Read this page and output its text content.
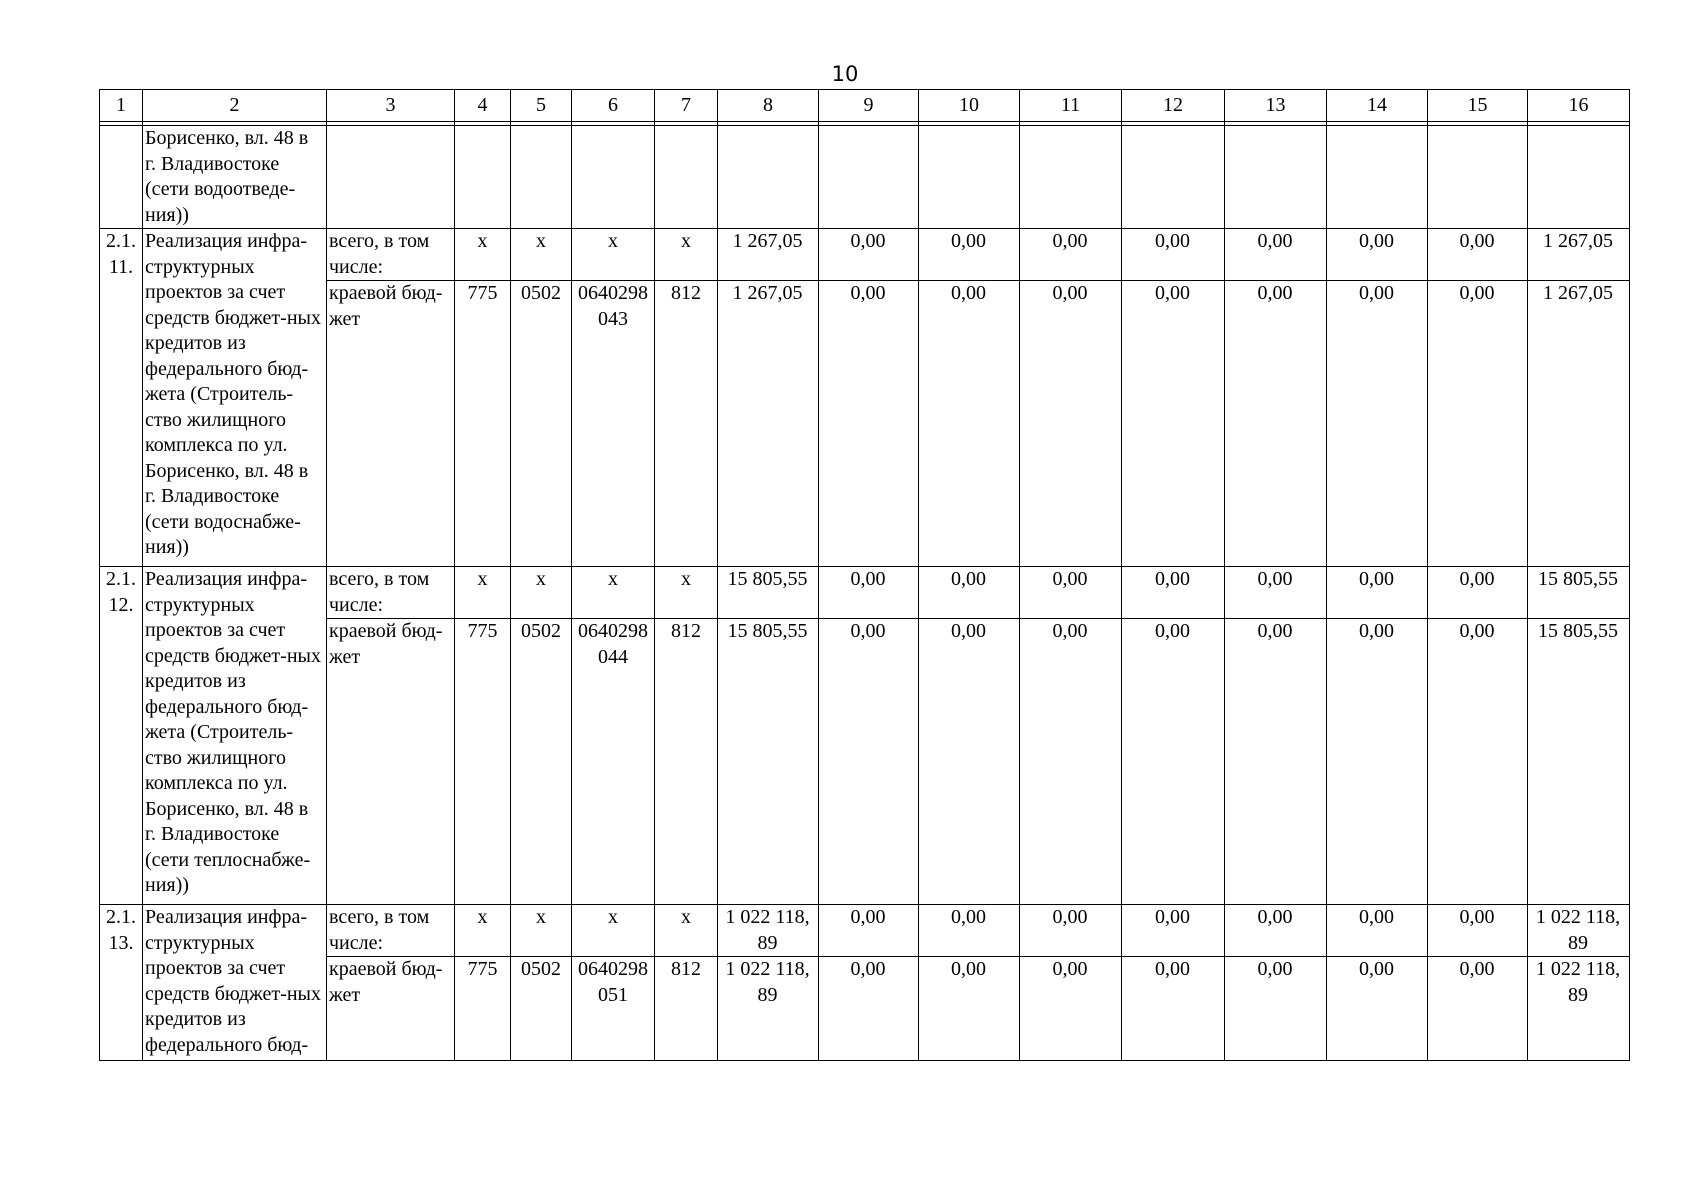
10
1	2	3	4	5	6	7	8	9	10	11	12	13	14	15	16

	Борисенко, вл. 48 в г. Владивостоке (сети водоотведе-ния))														
2.1. 11.	Реализация инфра-структурных проектов за счет средств бюджет-ных кредитов из федерального бюд-жета (Строитель-ство жилищного комплекса по ул. Борисенко, вл. 48 в г. Владивостоке (сети водоснабже-ния))	всего, в том числе:	x	x	x	x	1 267,05	0,00	0,00	0,00	0,00	0,00	0,00	0,00	1 267,05
		краевой бюд-жет	775	0502	0640298 043	812	1 267,05	0,00	0,00	0,00	0,00	0,00	0,00	0,00	1 267,05
2.1. 12.	Реализация инфра-структурных проектов за счет средств бюджет-ных кредитов из федерального бюд-жета (Строитель-ство жилищного комплекса по ул. Борисенко, вл. 48 в г. Владивостоке (сети теплоснабже-ния))	всего, в том числе:	x	x	x	x	15 805,55	0,00	0,00	0,00	0,00	0,00	0,00	0,00	15 805,55
		краевой бюд-жет	775	0502	0640298 044	812	15 805,55	0,00	0,00	0,00	0,00	0,00	0,00	0,00	15 805,55
2.1. 13.	Реализация инфра-структурных проектов за счет средств бюджет-ных кредитов из федерального бюд-	всего, в том числе:	x	x	x	x	1 022 118, 89	0,00	0,00	0,00	0,00	0,00	0,00	0,00	1 022 118, 89
		краевой бюд-жет	775	0502	0640298 051	812	1 022 118, 89	0,00	0,00	0,00	0,00	0,00	0,00	0,00	1 022 118, 89
